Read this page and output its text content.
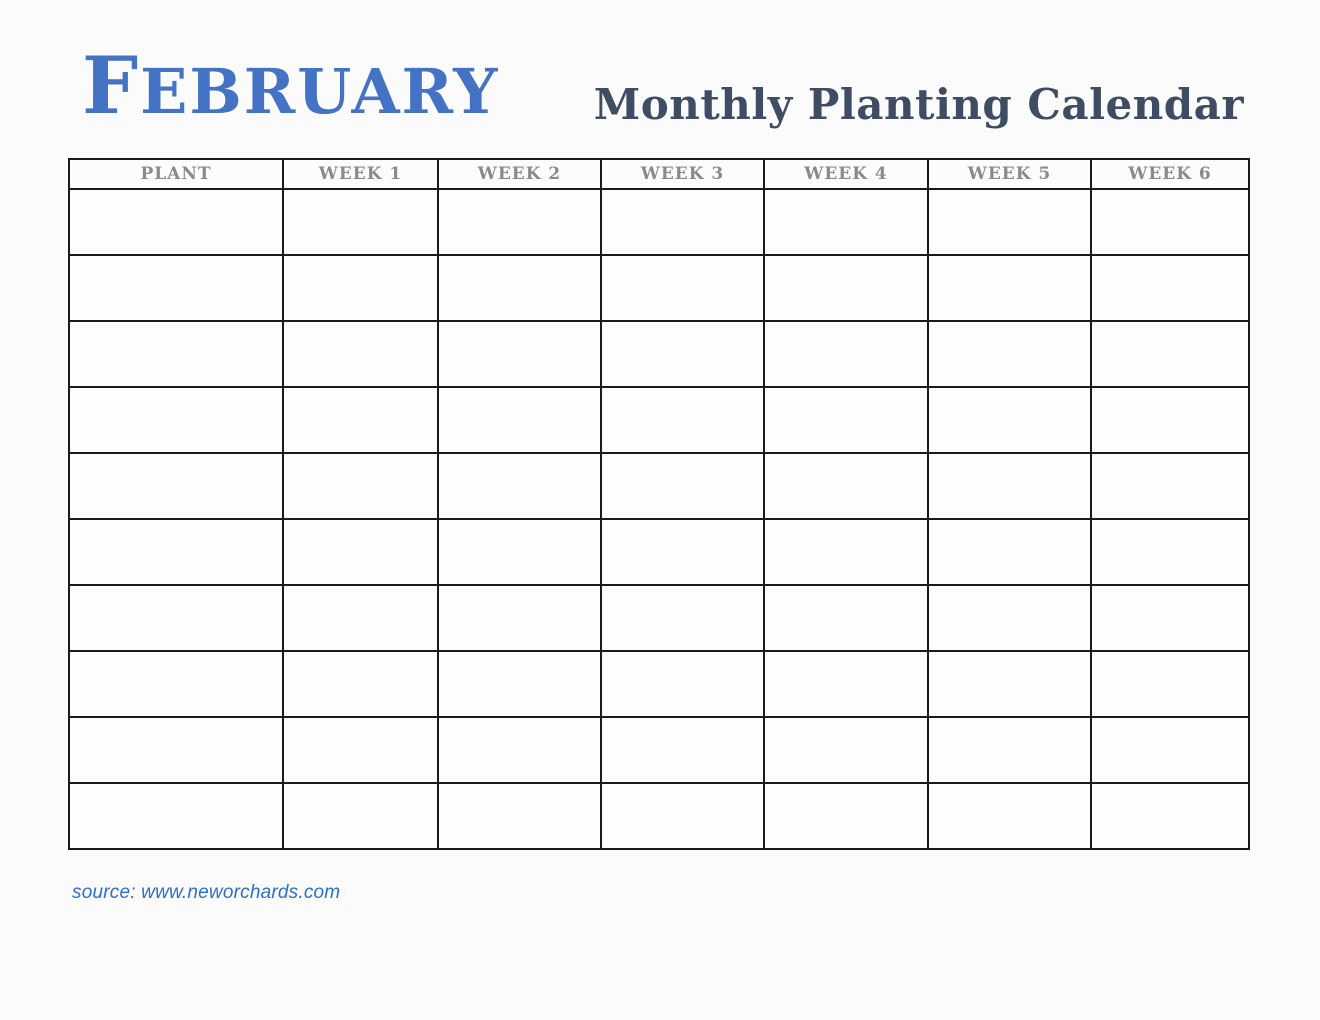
FEBRUARY Monthly Planting Calendar
PLANT	WEEK 1	WEEK 2	WEEK 3	WEEK 4	WEEK 5	WEEK 6

source: www.neworchards.com
